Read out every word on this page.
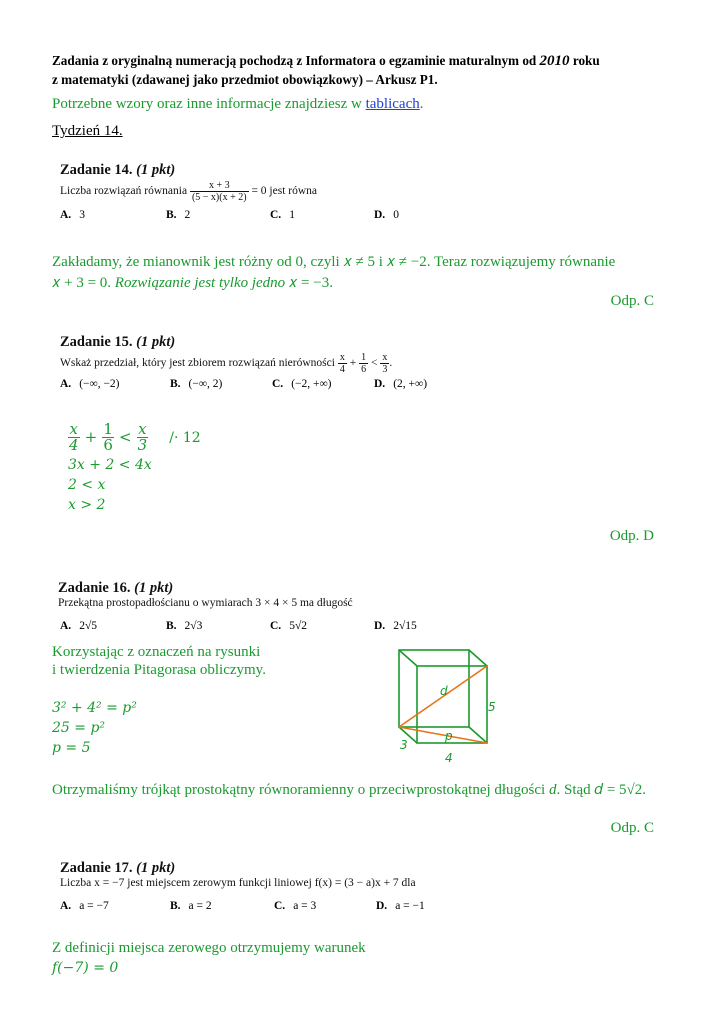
Zadania z oryginalną numeracją pochodzą z Informatora o egzaminie maturalnym od 2010 roku
z matematyki (zdawanej jako przedmiot obowiązkowy) – Arkusz P1.
Potrzebne wzory oraz inne informacje znajdziesz w tablicach.
Tydzień 14.
Zadanie 14. (1 pkt)
Liczba rozwiązań równania $\frac{x + 3}{(5 - x)(x + 2)} = 0$ jest równa
A. 3	B. 2	C. 1	D. 0
Zakładamy, że mianownik jest różny od 0, czyli 𝑥 ≠ 5 i 𝑥 ≠ −2. Teraz rozwiązujemy równanie
𝑥 + 3 = 0. Rozwiązanie jest tylko jedno 𝑥 = −3.
Odp. C
Zadanie 15. (1 pkt)
Wskaż przedział, który jest zbiorem rozwiązań nierówności $\frac{x}{4} + \frac{1}{6} < \frac{x}{3}$ .
A. (−∞, −2)	B. (−∞, 2)	C. (−2, +∞)	D. (2, +∞)
$\frac{x}{4} + \frac{1}{6} < \frac{x}{3} /\cdot 12$
3𝑥 + 2 < 4𝑥
2 < 𝑥
𝑥 > 2
Odp. D
Zadanie 16. (1 pkt)
Przekątna prostopadłościanu o wymiarach 3 × 4 × 5 ma długość
A. 2√5	B. 2√3	C. 5√2	D. 2√15
Korzystając z oznaczeń na rysunki
i twierdzenia Pitagorasa obliczymy.
3² + 4² = 𝑝²
25 = 𝑝²
𝑝 = 5
d
p
5
3
4
Otrzymaliśmy trójkąt prostokątny równoramienny o przeciwprostokątnej długości d. Stąd 𝑑 = 5√2.
Odp. C
Zadanie 17. (1 pkt)
Liczba x = −7 jest miejscem zerowym funkcji liniowej f(x) = (3 − a)x + 7 dla
A. a = −7	B. a = 2	C. a = 3	D. a = −1
Z definicji miejsca zerowego otrzymujemy warunek
𝑓(−7) = 0
